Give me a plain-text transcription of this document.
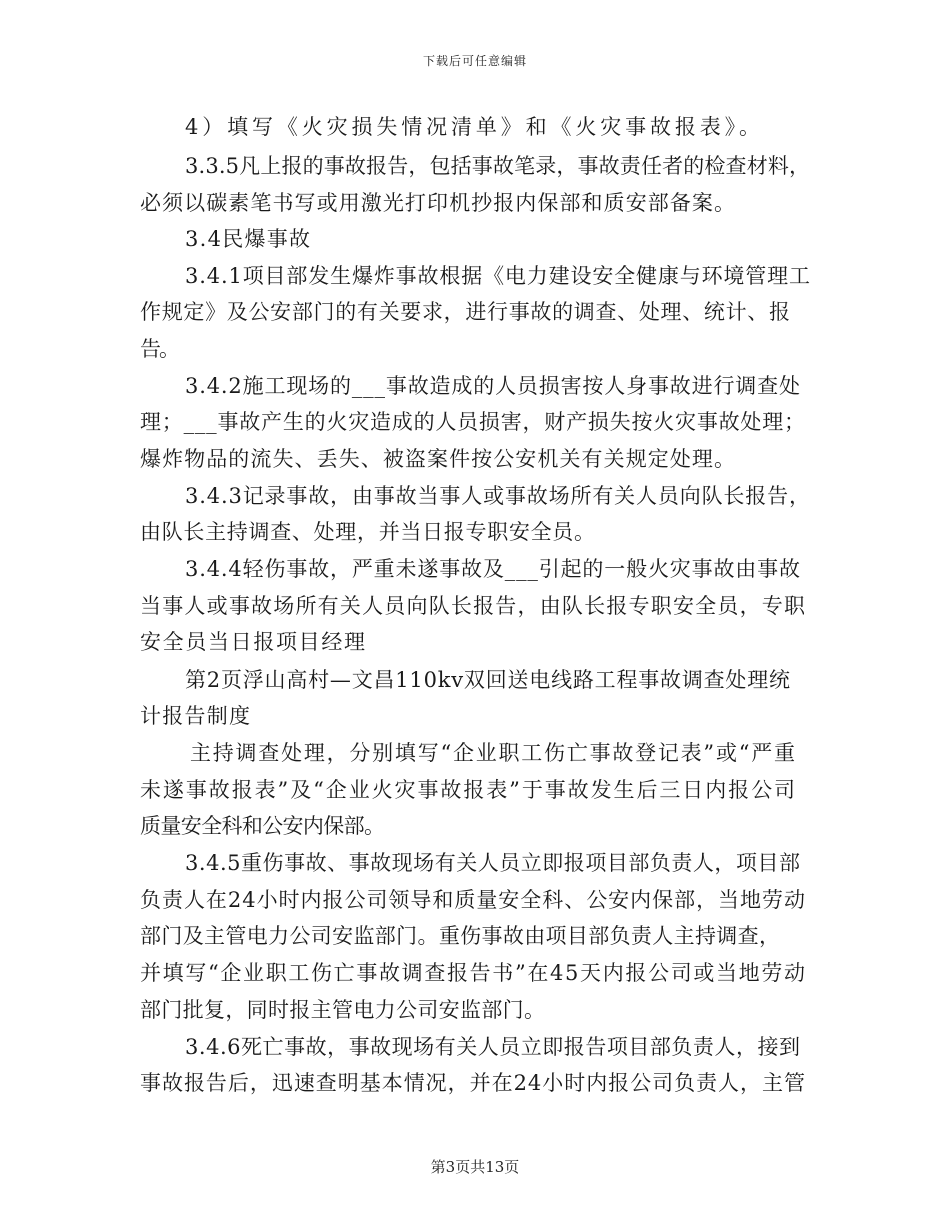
下载后可任意编辑
4）填写《火灾损失情况清单》和《火灾事故报表》。
3.3.5凡上报的事故报告，包括事故笔录，事故责任者的检查材料，
必须以碳素笔书写或用激光打印机抄报内保部和质安部备案。
3.4民爆事故
3.4.1项目部发生爆炸事故根据《电力建设安全健康与环境管理工
作规定》及公安部门的有关要求，进行事故的调查、处理、统计、报
告。
3.4.2施工现场的___事故造成的人员损害按人身事故进行调查处
理；___事故产生的火灾造成的人员损害，财产损失按火灾事故处理；
爆炸物品的流失、丢失、被盗案件按公安机关有关规定处理。
3.4.3记录事故，由事故当事人或事故场所有关人员向队长报告，
由队长主持调查、处理，并当日报专职安全员。
3.4.4轻伤事故，严重未遂事故及___引起的一般火灾事故由事故
当事人或事故场所有关人员向队长报告，由队长报专职安全员，专职
安全员当日报项目经理
第2页浮山高村—文昌110kv双回送电线路工程事故调查处理统
计报告制度
主持调查处理，分别填写“企业职工伤亡事故登记表”或“严重
未遂事故报表”及“企业火灾事故报表”于事故发生后三日内报公司
质量安全科和公安内保部。
3.4.5重伤事故、事故现场有关人员立即报项目部负责人，项目部
负责人在24小时内报公司领导和质量安全科、公安内保部，当地劳动
部门及主管电力公司安监部门。重伤事故由项目部负责人主持调查，
并填写“企业职工伤亡事故调查报告书”在45天内报公司或当地劳动
部门批复，同时报主管电力公司安监部门。
3.4.6死亡事故，事故现场有关人员立即报告项目部负责人，接到
事故报告后，迅速查明基本情况，并在24小时内报公司负责人，主管
第3页共13页
